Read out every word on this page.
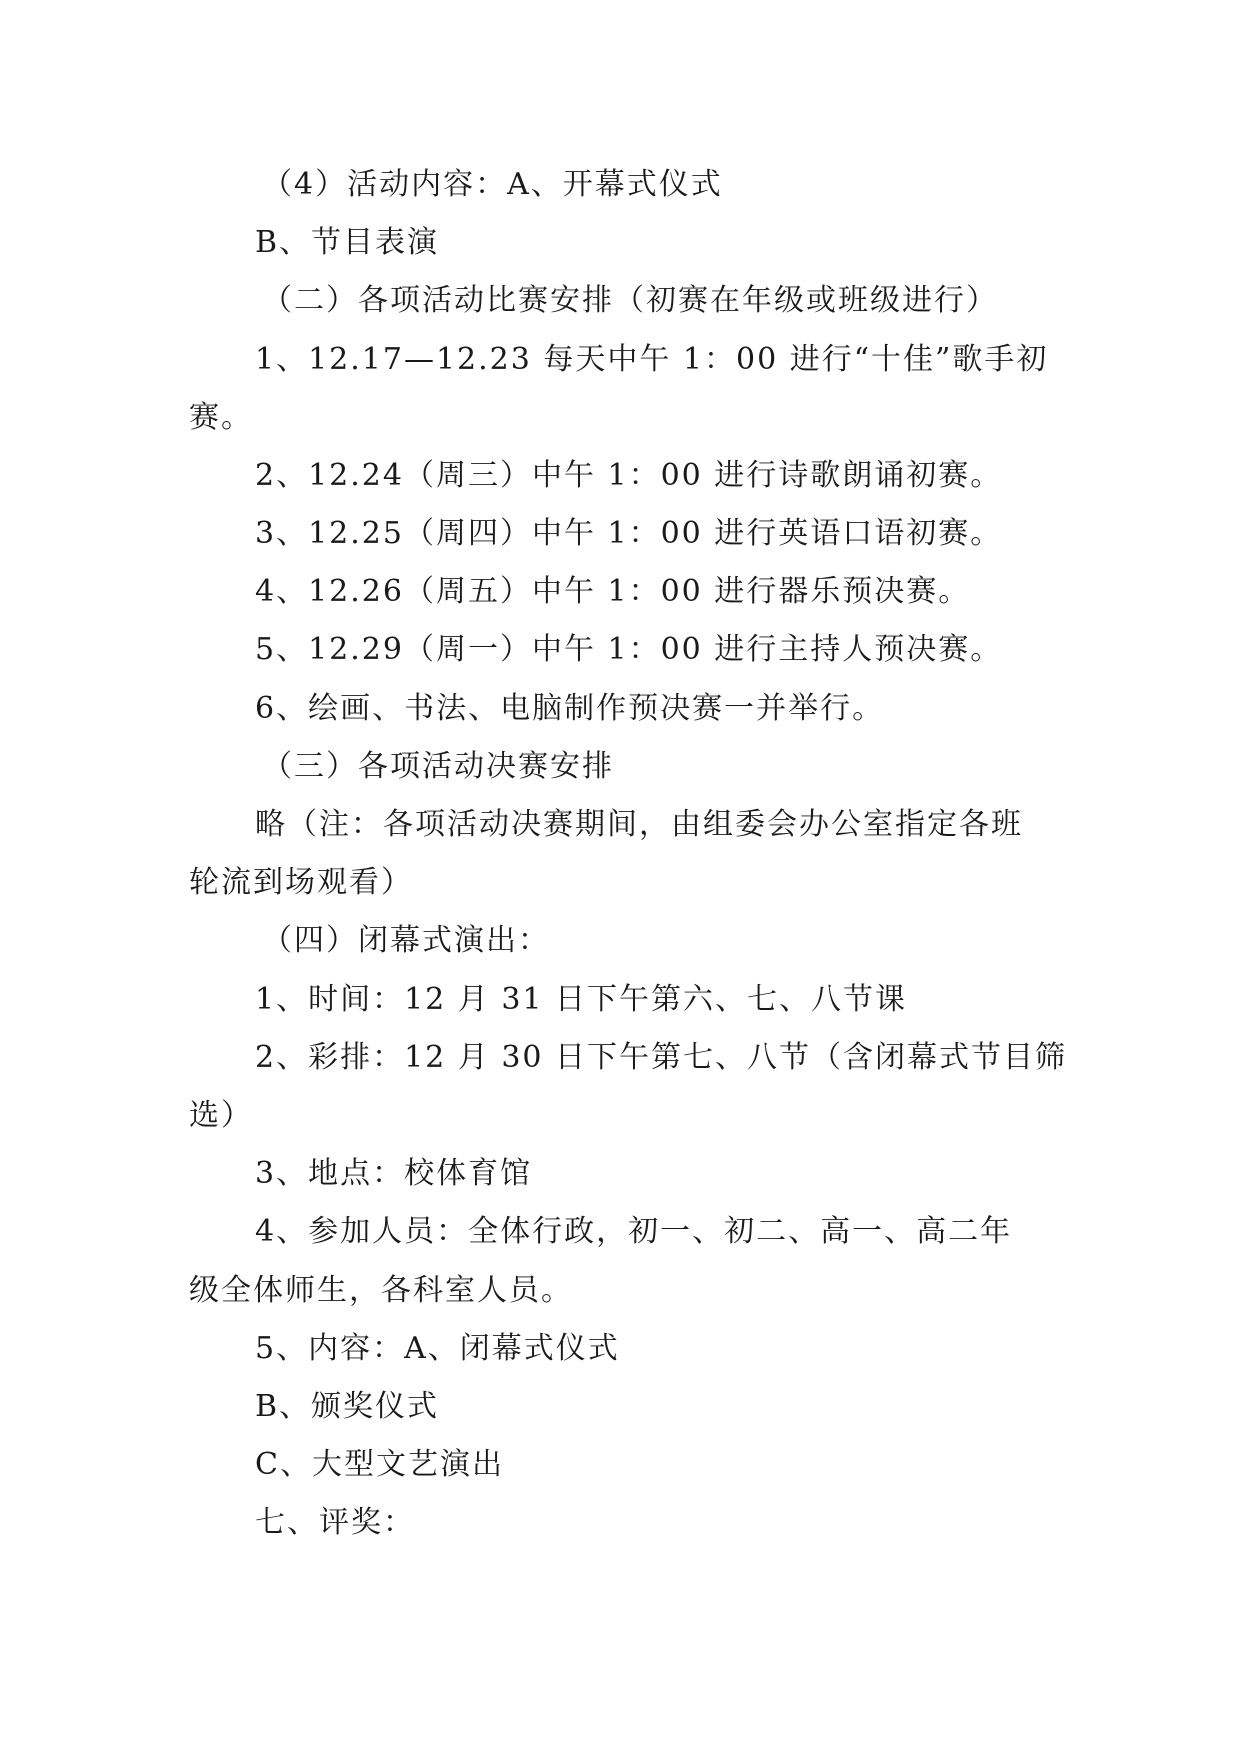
（4）活动内容：A、开幕式仪式
B、节目表演
（二）各项活动比赛安排（初赛在年级或班级进行）
1、12.17—12.23 每天中午 1：00 进行“十佳”歌手初
赛。
2、12.24（周三）中午 1：00 进行诗歌朗诵初赛。
3、12.25（周四）中午 1：00 进行英语口语初赛。
4、12.26（周五）中午 1：00 进行器乐预决赛。
5、12.29（周一）中午 1：00 进行主持人预决赛。
6、绘画、书法、电脑制作预决赛一并举行。
（三）各项活动决赛安排
略（注：各项活动决赛期间，由组委会办公室指定各班
轮流到场观看）
（四）闭幕式演出：
1、时间：12 月 31 日下午第六、七、八节课
2、彩排：12 月 30 日下午第七、八节（含闭幕式节目筛
选）
3、地点：校体育馆
4、参加人员：全体行政，初一、初二、高一、高二年
级全体师生，各科室人员。
5、内容：A、闭幕式仪式
B、颁奖仪式
C、大型文艺演出
七、评奖：
